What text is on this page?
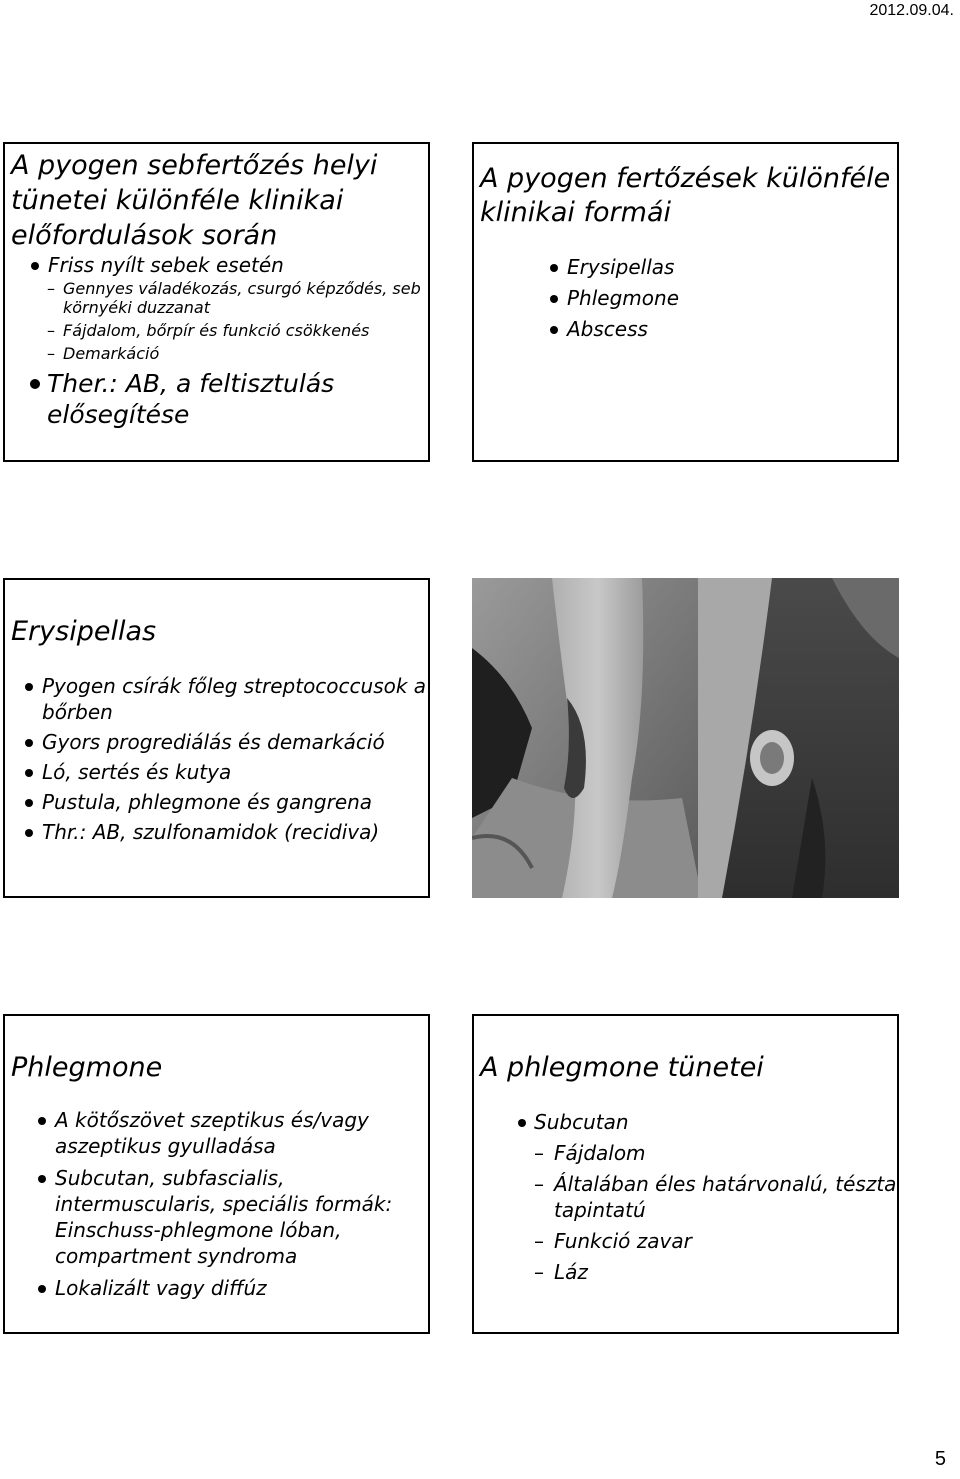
2012.09.04.
A pyogen sebfertőzés helyi tünetei különféle klinikai előfordulások során
Friss nyílt sebek esetén
– Gennyes váladékozás, csurgó képződés, seb környéki duzzanat
– Fájdalom, bőrpír és funkció csökkenés
– Demarkáció
Ther.: AB, a feltisztulás elősegítése
A pyogen fertőzések különféle klinikai formái
Erysipellas
Phlegmone
Abscess
Erysipellas
Pyogen csírák főleg streptococcusok a bőrben
Gyors progrediálás és demarkáció
Ló, sertés és kutya
Pustula, phlegmone és gangrena
Thr.: AB, szulfonamidok (recidiva)
Phlegmone
A kötőszövet szeptikus és/vagy aszeptikus gyulladása
Subcutan, subfascialis, intermuscularis, speciális formák: Einschuss-phlegmone lóban, compartment syndroma
Lokalizált vagy diffúz
A phlegmone tünetei
Subcutan
– Fájdalom
– Általában éles határvonalú, tészta tapintatú
– Funkció zavar
– Láz
5
